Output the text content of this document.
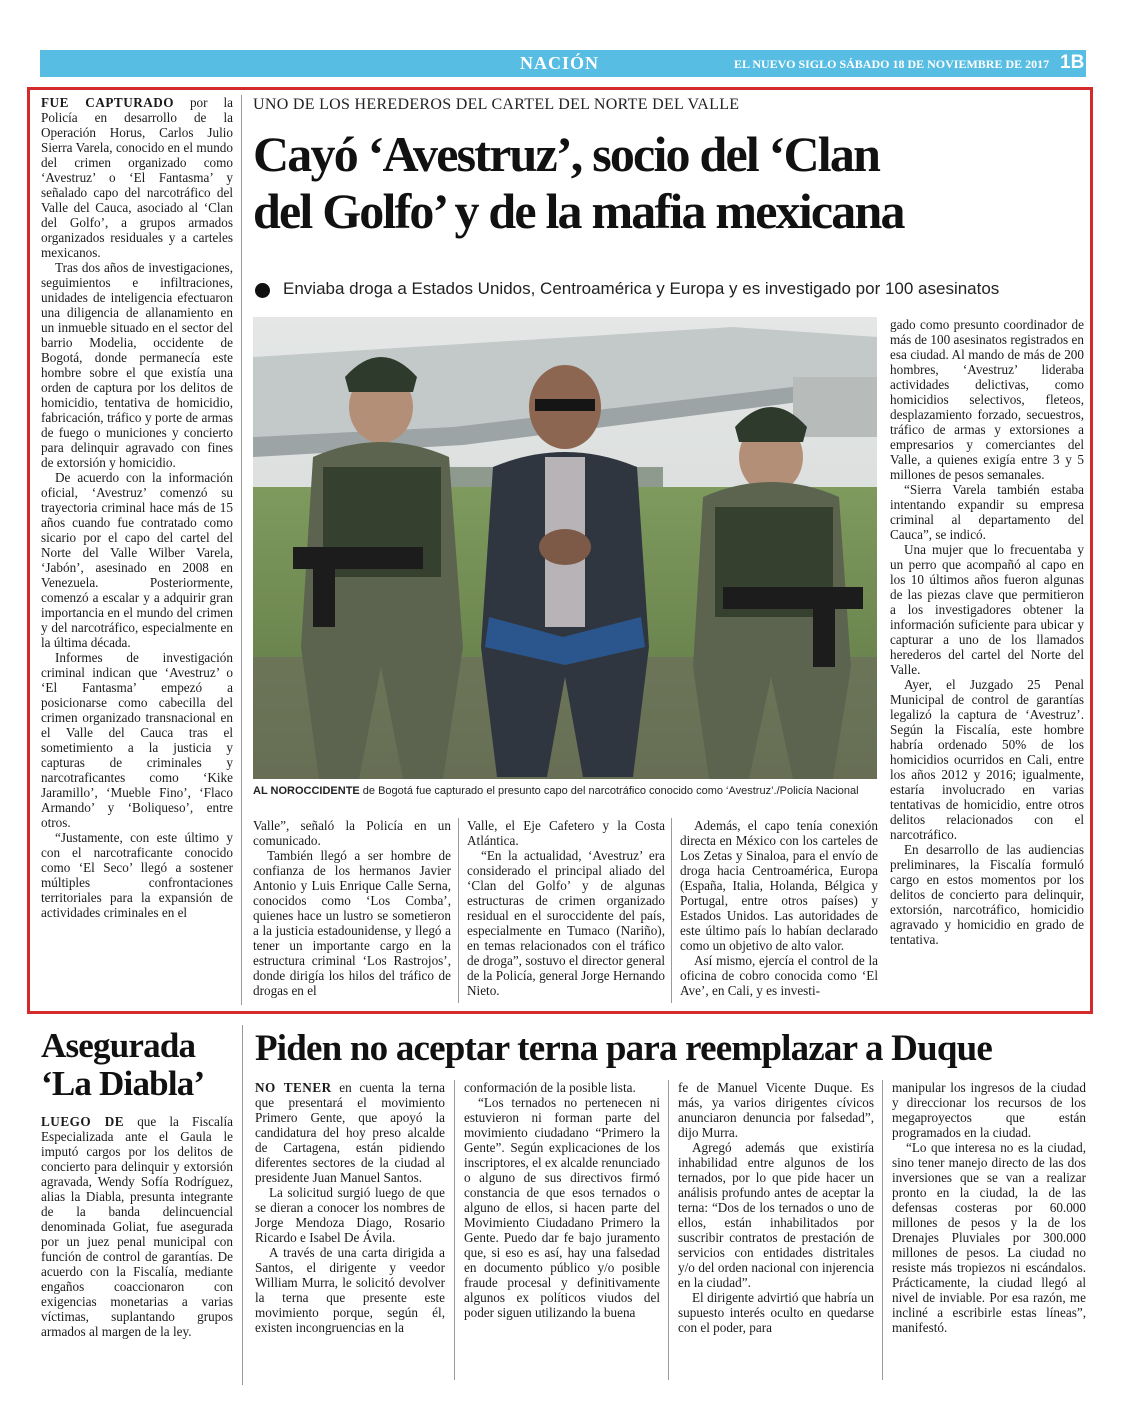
NACIÓN	EL NUEVO SIGLO SÁBADO 18 DE NOVIEMBRE DE 2017 1B

FUE CAPTURADO por la Policía en desarrollo de la Operación Horus, Carlos Julio Sierra Varela, conocido en el mundo del crimen organizado como ‘Avestruz’ o ‘El Fantasma’ y señalado capo del narcotráfico del Valle del Cauca, asociado al ‘Clan del Golfo’, a grupos armados organizados residuales y a carteles mexicanos.

Tras dos años de investigaciones, seguimientos e infiltraciones, unidades de inteligencia efectuaron una diligencia de allanamiento en un inmueble situado en el sector del barrio Modelia, occidente de Bogotá, donde permanecía este hombre sobre el que existía una orden de captura por los delitos de homicidio, tentativa de homicidio, fabricación, tráfico y porte de armas de fuego o municiones y concierto para delinquir agravado con fines de extorsión y homicidio.

De acuerdo con la información oficial, ‘Avestruz’ comenzó su trayectoria criminal hace más de 15 años cuando fue contratado como sicario por el capo del cartel del Norte del Valle Wilber Varela, ‘Jabón’, asesinado en 2008 en Venezuela. Posteriormente, comenzó a escalar y a adquirir gran importancia en el mundo del crimen y del narcotráfico, especialmente en la última década.

Informes de investigación criminal indican que ‘Avestruz’ o ‘El Fantasma’ empezó a posicionarse como cabecilla del crimen organizado transnacional en el Valle del Cauca tras el sometimiento a la justicia y capturas de criminales y narcotraficantes como ‘Kike Jaramillo’, ‘Mueble Fino’, ‘Flaco Armando’ y ‘Boliqueso’, entre otros.

“Justamente, con este último y con el narcotraficante conocido como ‘El Seco’ llegó a sostener múltiples confrontaciones territoriales para la expansión de actividades criminales en el

UNO DE LOS HEREDEROS DEL CARTEL DEL NORTE DEL VALLE
Cayó ‘Avestruz’, socio del ‘Clan
del Golfo’ y de la mafia mexicana
Enviaba droga a Estados Unidos, Centroamérica y Europa y es investigado por 100 asesinatos
AL NOROCCIDENTE de Bogotá fue capturado el presunto capo del narcotráfico conocido como ‘Avestruz’./Policía Nacional

Valle”, señaló la Policía en un comunicado.

También llegó a ser hombre de confianza de los hermanos Javier Antonio y Luis Enrique Calle Serna, conocidos como ‘Los Comba’, quienes hace un lustro se sometieron a la justicia estadounidense, y llegó a tener un importante cargo en la estructura criminal ‘Los Rastrojos’, donde dirigía los hilos del tráfico de drogas en el

Valle, el Eje Cafetero y la Costa Atlántica.

“En la actualidad, ‘Avestruz’ era considerado el principal aliado del ‘Clan del Golfo’ y de algunas estructuras de crimen organizado residual en el suroccidente del país, especialmente en Tumaco (Nariño), en temas relacionados con el tráfico de droga”, sostuvo el director general de la Policía, general Jorge Hernando Nieto.

Además, el capo tenía conexión directa en México con los carteles de Los Zetas y Sinaloa, para el envío de droga hacia Centroamérica, Europa (España, Italia, Holanda, Bélgica y Portugal, entre otros países) y Estados Unidos. Las autoridades de este último país lo habían declarado como un objetivo de alto valor.

Así mismo, ejercía el control de la oficina de cobro conocida como ‘El Ave’, en Cali, y es investi-

gado como presunto coordinador de más de 100 asesinatos registrados en esa ciudad. Al mando de más de 200 hombres, ‘Avestruz’ lideraba actividades delictivas, como homicidios selectivos, fleteos, desplazamiento forzado, secuestros, tráfico de armas y extorsiones a empresarios y comerciantes del Valle, a quienes exigía entre 3 y 5 millones de pesos semanales.

“Sierra Varela también estaba intentando expandir su empresa criminal al departamento del Cauca”, se indicó.

Una mujer que lo frecuentaba y un perro que acompañó al capo en los 10 últimos años fueron algunas de las piezas clave que permitieron a los investigadores obtener la información suficiente para ubicar y capturar a uno de los llamados herederos del cartel del Norte del Valle.

Ayer, el Juzgado 25 Penal Municipal de control de garantías legalizó la captura de ‘Avestruz’. Según la Fiscalía, este hombre habría ordenado 50% de los homicidios ocurridos en Cali, entre los años 2012 y 2016; igualmente, estaría involucrado en varias tentativas de homicidio, entre otros delitos relacionados con el narcotráfico.

En desarrollo de las audiencias preliminares, la Fiscalía formuló cargo en estos momentos por los delitos de concierto para delinquir, extorsión, narcotráfico, homicidio agravado y homicidio en grado de tentativa.

Asegurada
‘La Diabla’

LUEGO DE que la Fiscalía Especializada ante el Gaula le imputó cargos por los delitos de concierto para delinquir y extorsión agravada, Wendy Sofía Rodríguez, alias la Diabla, presunta integrante de la banda delincuencial denominada Goliat, fue asegurada por un juez penal municipal con función de control de garantías. De acuerdo con la Fiscalía, mediante engaños coaccionaron con exigencias monetarias a varias víctimas, suplantando grupos armados al margen de la ley.

Piden no aceptar terna para reemplazar a Duque

NO TENER en cuenta la terna que presentará el movimiento Primero Gente, que apoyó la candidatura del hoy preso alcalde de Cartagena, están pidiendo diferentes sectores de la ciudad al presidente Juan Manuel Santos.

La solicitud surgió luego de que se dieran a conocer los nombres de Jorge Mendoza Diago, Rosario Ricardo e Isabel De Ávila.

A través de una carta dirigida a Santos, el dirigente y veedor William Murra, le solicitó devolver la terna que presente este movimiento porque, según él, existen incongruencias en la

conformación de la posible lista.

“Los ternados no pertenecen ni estuvieron ni forman parte del movimiento ciudadano “Primero la Gente”. Según explicaciones de los inscriptores, el ex alcalde renunciado o alguno de sus directivos firmó constancia de que esos ternados o alguno de ellos, si hacen parte del Movimiento Ciudadano Primero la Gente. Puedo dar fe bajo juramento que, si eso es así, hay una falsedad en documento público y/o posible fraude procesal y definitivamente algunos ex políticos viudos del poder siguen utilizando la buena

fe de Manuel Vicente Duque. Es más, ya varios dirigentes cívicos anunciaron denuncia por falsedad”, dijo Murra.

Agregó además que existiría inhabilidad entre algunos de los ternados, por lo que pide hacer un análisis profundo antes de aceptar la terna: “Dos de los ternados o uno de ellos, están inhabilitados por suscribir contratos de prestación de servicios con entidades distritales y/o del orden nacional con injerencia en la ciudad”.

El dirigente advirtió que habría un supuesto interés oculto en quedarse con el poder, para

manipular los ingresos de la ciudad y direccionar los recursos de los megaproyectos que están programados en la ciudad.

“Lo que interesa no es la ciudad, sino tener manejo directo de las dos inversiones que se van a realizar pronto en la ciudad, la de las defensas costeras por 60.000 millones de pesos y la de los Drenajes Pluviales por 300.000 millones de pesos. La ciudad no resiste más tropiezos ni escándalos. Prácticamente, la ciudad llegó al nivel de inviable. Por esa razón, me incliné a escribirle estas líneas”, manifestó.
